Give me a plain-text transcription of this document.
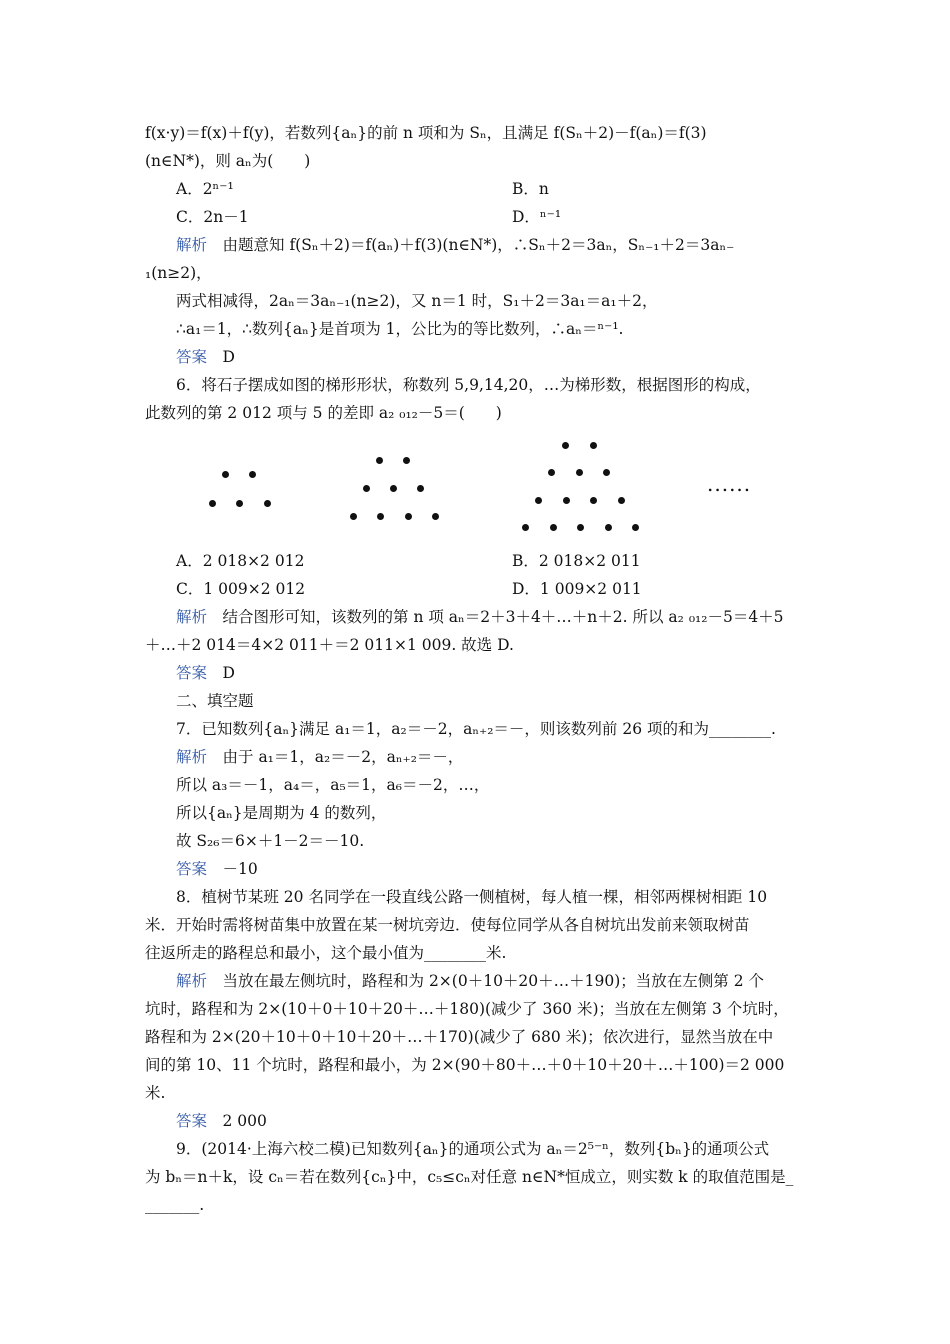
f(x·y)＝f(x)＋f(y)，若数列{aₙ}的前 n 项和为 Sₙ，且满足 f(Sₙ＋2)－f(aₙ)＝f(3)
(n∈N*)，则 aₙ为(　　)
A．2ⁿ⁻¹	B．n
C．2n－1	D．ⁿ⁻¹
解析　由题意知 f(Sₙ＋2)＝f(aₙ)＋f(3)(n∈N*)，∴Sₙ＋2＝3aₙ，Sₙ₋₁＋2＝3aₙ₋
₁(n≥2)，
两式相减得，2aₙ＝3aₙ₋₁(n≥2)，又 n＝1 时，S₁＋2＝3a₁＝a₁＋2，
∴a₁＝1，∴数列{aₙ}是首项为 1，公比为的等比数列，∴aₙ＝ⁿ⁻¹.
答案　D
6．将石子摆成如图的梯形形状，称数列 5,9,14,20，…为梯形数，根据图形的构成，
此数列的第 2 012 项与 5 的差即 a₂ ₀₁₂－5＝(　　)
......
A．2 018×2 012	B．2 018×2 011
C．1 009×2 012	D．1 009×2 011
解析　结合图形可知，该数列的第 n 项 aₙ＝2＋3＋4＋…＋n＋2. 所以 a₂ ₀₁₂－5＝4＋5
＋…＋2 014＝4×2 011＋＝2 011×1 009. 故选 D.
答案　D
二、填空题
7．已知数列{aₙ}满足 a₁＝1，a₂＝－2，aₙ₊₂＝－，则该数列前 26 项的和为________.
解析　由于 a₁＝1，a₂＝－2，aₙ₊₂＝－，
所以 a₃＝－1，a₄＝，a₅＝1，a₆＝－2，…，
所以{aₙ}是周期为 4 的数列，
故 S₂₆＝6×＋1－2＝－10.
答案　－10
8．植树节某班 20 名同学在一段直线公路一侧植树，每人植一棵，相邻两棵树相距 10
米．开始时需将树苗集中放置在某一树坑旁边．使每位同学从各自树坑出发前来领取树苗
往返所走的路程总和最小，这个最小值为________米.
解析　当放在最左侧坑时，路程和为 2×(0＋10＋20＋…＋190)；当放在左侧第 2 个
坑时，路程和为 2×(10＋0＋10＋20＋…＋180)(减少了 360 米)；当放在左侧第 3 个坑时，
路程和为 2×(20＋10＋0＋10＋20＋…＋170)(减少了 680 米)；依次进行，显然当放在中
间的第 10、11 个坑时，路程和最小，为 2×(90＋80＋…＋0＋10＋20＋…＋100)＝2 000
米.
答案　2 000
9．(2014·上海六校二模)已知数列{aₙ}的通项公式为 aₙ＝2⁵⁻ⁿ，数列{bₙ}的通项公式
为 bₙ＝n＋k，设 cₙ＝若在数列{cₙ}中，c₅≤cₙ对任意 n∈N*恒成立，则实数 k 的取值范围是_
_______.
